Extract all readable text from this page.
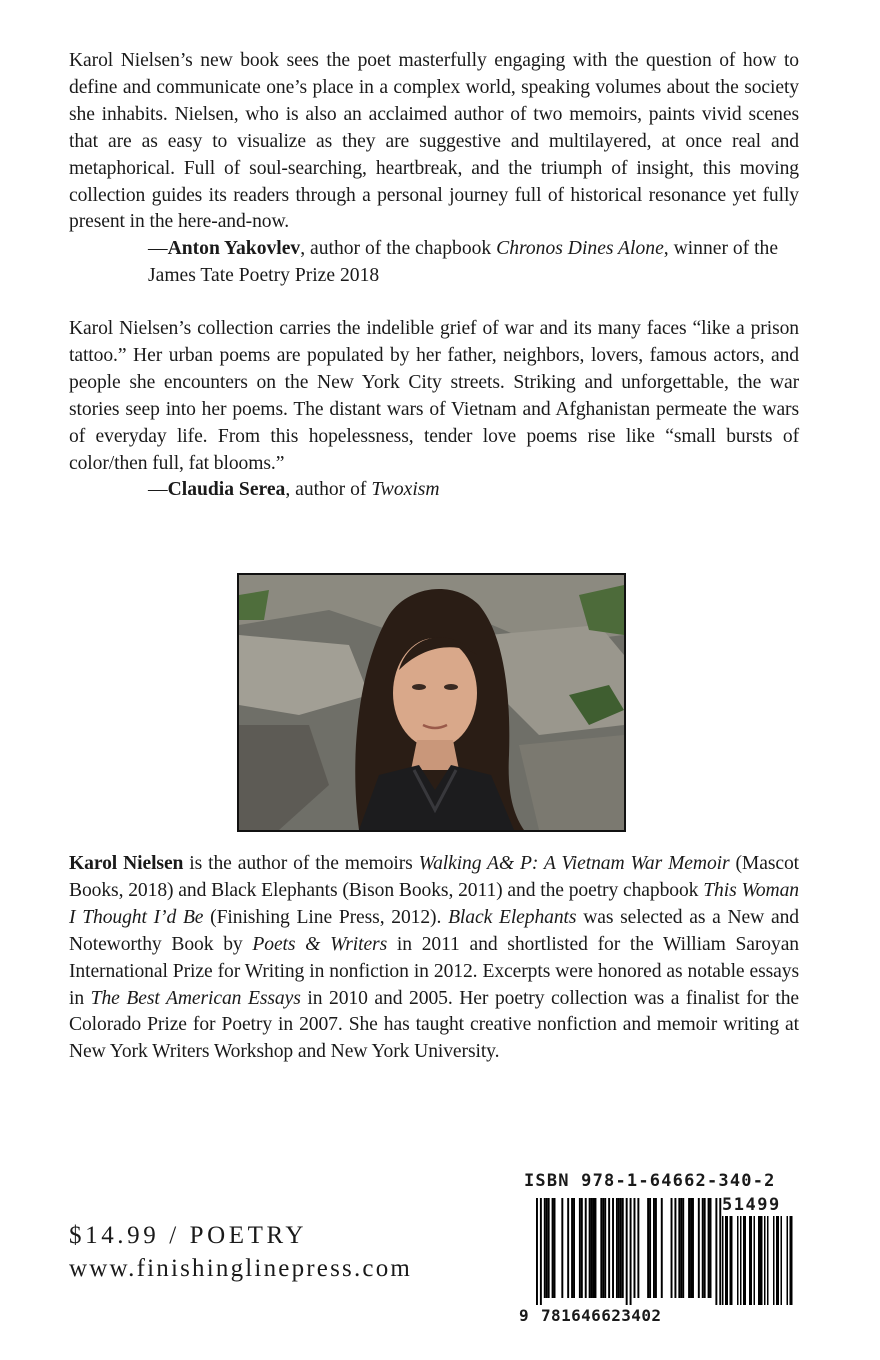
Karol Nielsen’s new book sees the poet masterfully engaging with the question of how to define and communicate one’s place in a complex world, speaking volumes about the society she inhabits. Nielsen, who is also an acclaimed author of two memoirs, paints vivid scenes that are as easy to visualize as they are suggestive and multilayered, at once real and metaphorical. Full of soul-searching, heartbreak, and the triumph of insight, this moving collection guides its readers through a personal journey full of historical resonance yet fully present in the here-and-now.

—Anton Yakovlev, author of the chapbook Chronos Dines Alone, winner of the James Tate Poetry Prize 2018

Karol Nielsen’s collection carries the indelible grief of war and its many faces “like a prison tattoo.” Her urban poems are populated by her father, neighbors, lovers, famous actors, and people she encounters on the New York City streets. Striking and unforgettable, the war stories seep into her poems. The distant wars of Vietnam and Afghanistan permeate the wars of everyday life. From this hopelessness, tender love poems rise like “small bursts of color/then full, fat blooms.”

—Claudia Serea, author of Twoxism

Karol Nielsen is the author of the memoirs Walking A& P: A Vietnam War Memoir (Mascot Books, 2018) and Black Elephants (Bison Books, 2011) and the poetry chapbook This Woman I Thought I’d Be (Finishing Line Press, 2012). Black Elephants was selected as a New and Noteworthy Book by Poets & Writers in 2011 and shortlisted for the William Saroyan International Prize for Writing in nonfiction in 2012. Excerpts were honored as notable essays in The Best American Essays in 2010 and 2005. Her poetry collection was a finalist for the Colorado Prize for Poetry in 2007. She has taught creative nonfiction and memoir writing at New York Writers Workshop and New York University.

$14.99 / POETRY

www.finishinglinepress.com

ISBN 978-1-64662-340-2
51499
9 781646623402
